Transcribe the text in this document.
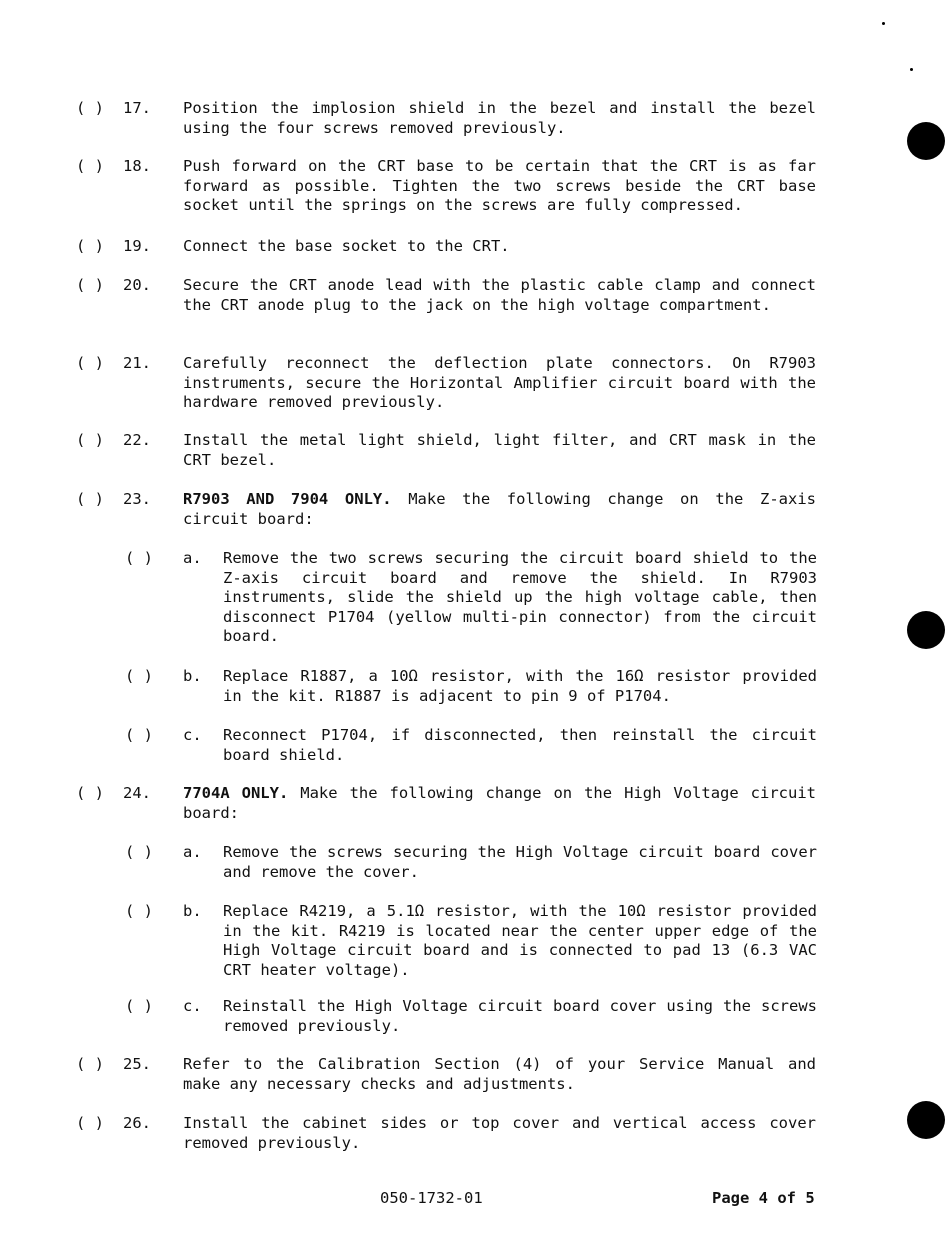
( ) 17. Position the implosion shield in the bezel and install the bezel using the four screws removed previously.
( ) 18. Push forward on the CRT base to be certain that the CRT is as far forward as possible. Tighten the two screws beside the CRT base socket until the springs on the screws are fully compressed.
( ) 19. Connect the base socket to the CRT.
( ) 20. Secure the CRT anode lead with the plastic cable clamp and connect the CRT anode plug to the jack on the high voltage compartment.
( ) 21. Carefully reconnect the deflection plate connectors. On R7903 instruments, secure the Horizontal Amplifier circuit board with the hardware removed previously.
( ) 22. Install the metal light shield, light filter, and CRT mask in the CRT bezel.
( ) 23. R7903 AND 7904 ONLY. Make the following change on the Z-axis circuit board:
( ) a. Remove the two screws securing the circuit board shield to the Z-axis circuit board and remove the shield. In R7903 instruments, slide the shield up the high voltage cable, then disconnect P1704 (yellow multi-pin connector) from the circuit board.
( ) b. Replace R1887, a 10Ω resistor, with the 16Ω resistor provided in the kit. R1887 is adjacent to pin 9 of P1704.
( ) c. Reconnect P1704, if disconnected, then reinstall the circuit board shield.
( ) 24. 7704A ONLY. Make the following change on the High Voltage circuit board:
( ) a. Remove the screws securing the High Voltage circuit board cover and remove the cover.
( ) b. Replace R4219, a 5.1Ω resistor, with the 10Ω resistor provided in the kit. R4219 is located near the center upper edge of the High Voltage circuit board and is connected to pad 13 (6.3 VAC CRT heater voltage).
( ) c. Reinstall the High Voltage circuit board cover using the screws removed previously.
( ) 25. Refer to the Calibration Section (4) of your Service Manual and make any necessary checks and adjustments.
( ) 26. Install the cabinet sides or top cover and vertical access cover removed previously.
050-1732-01	Page 4 of 5
